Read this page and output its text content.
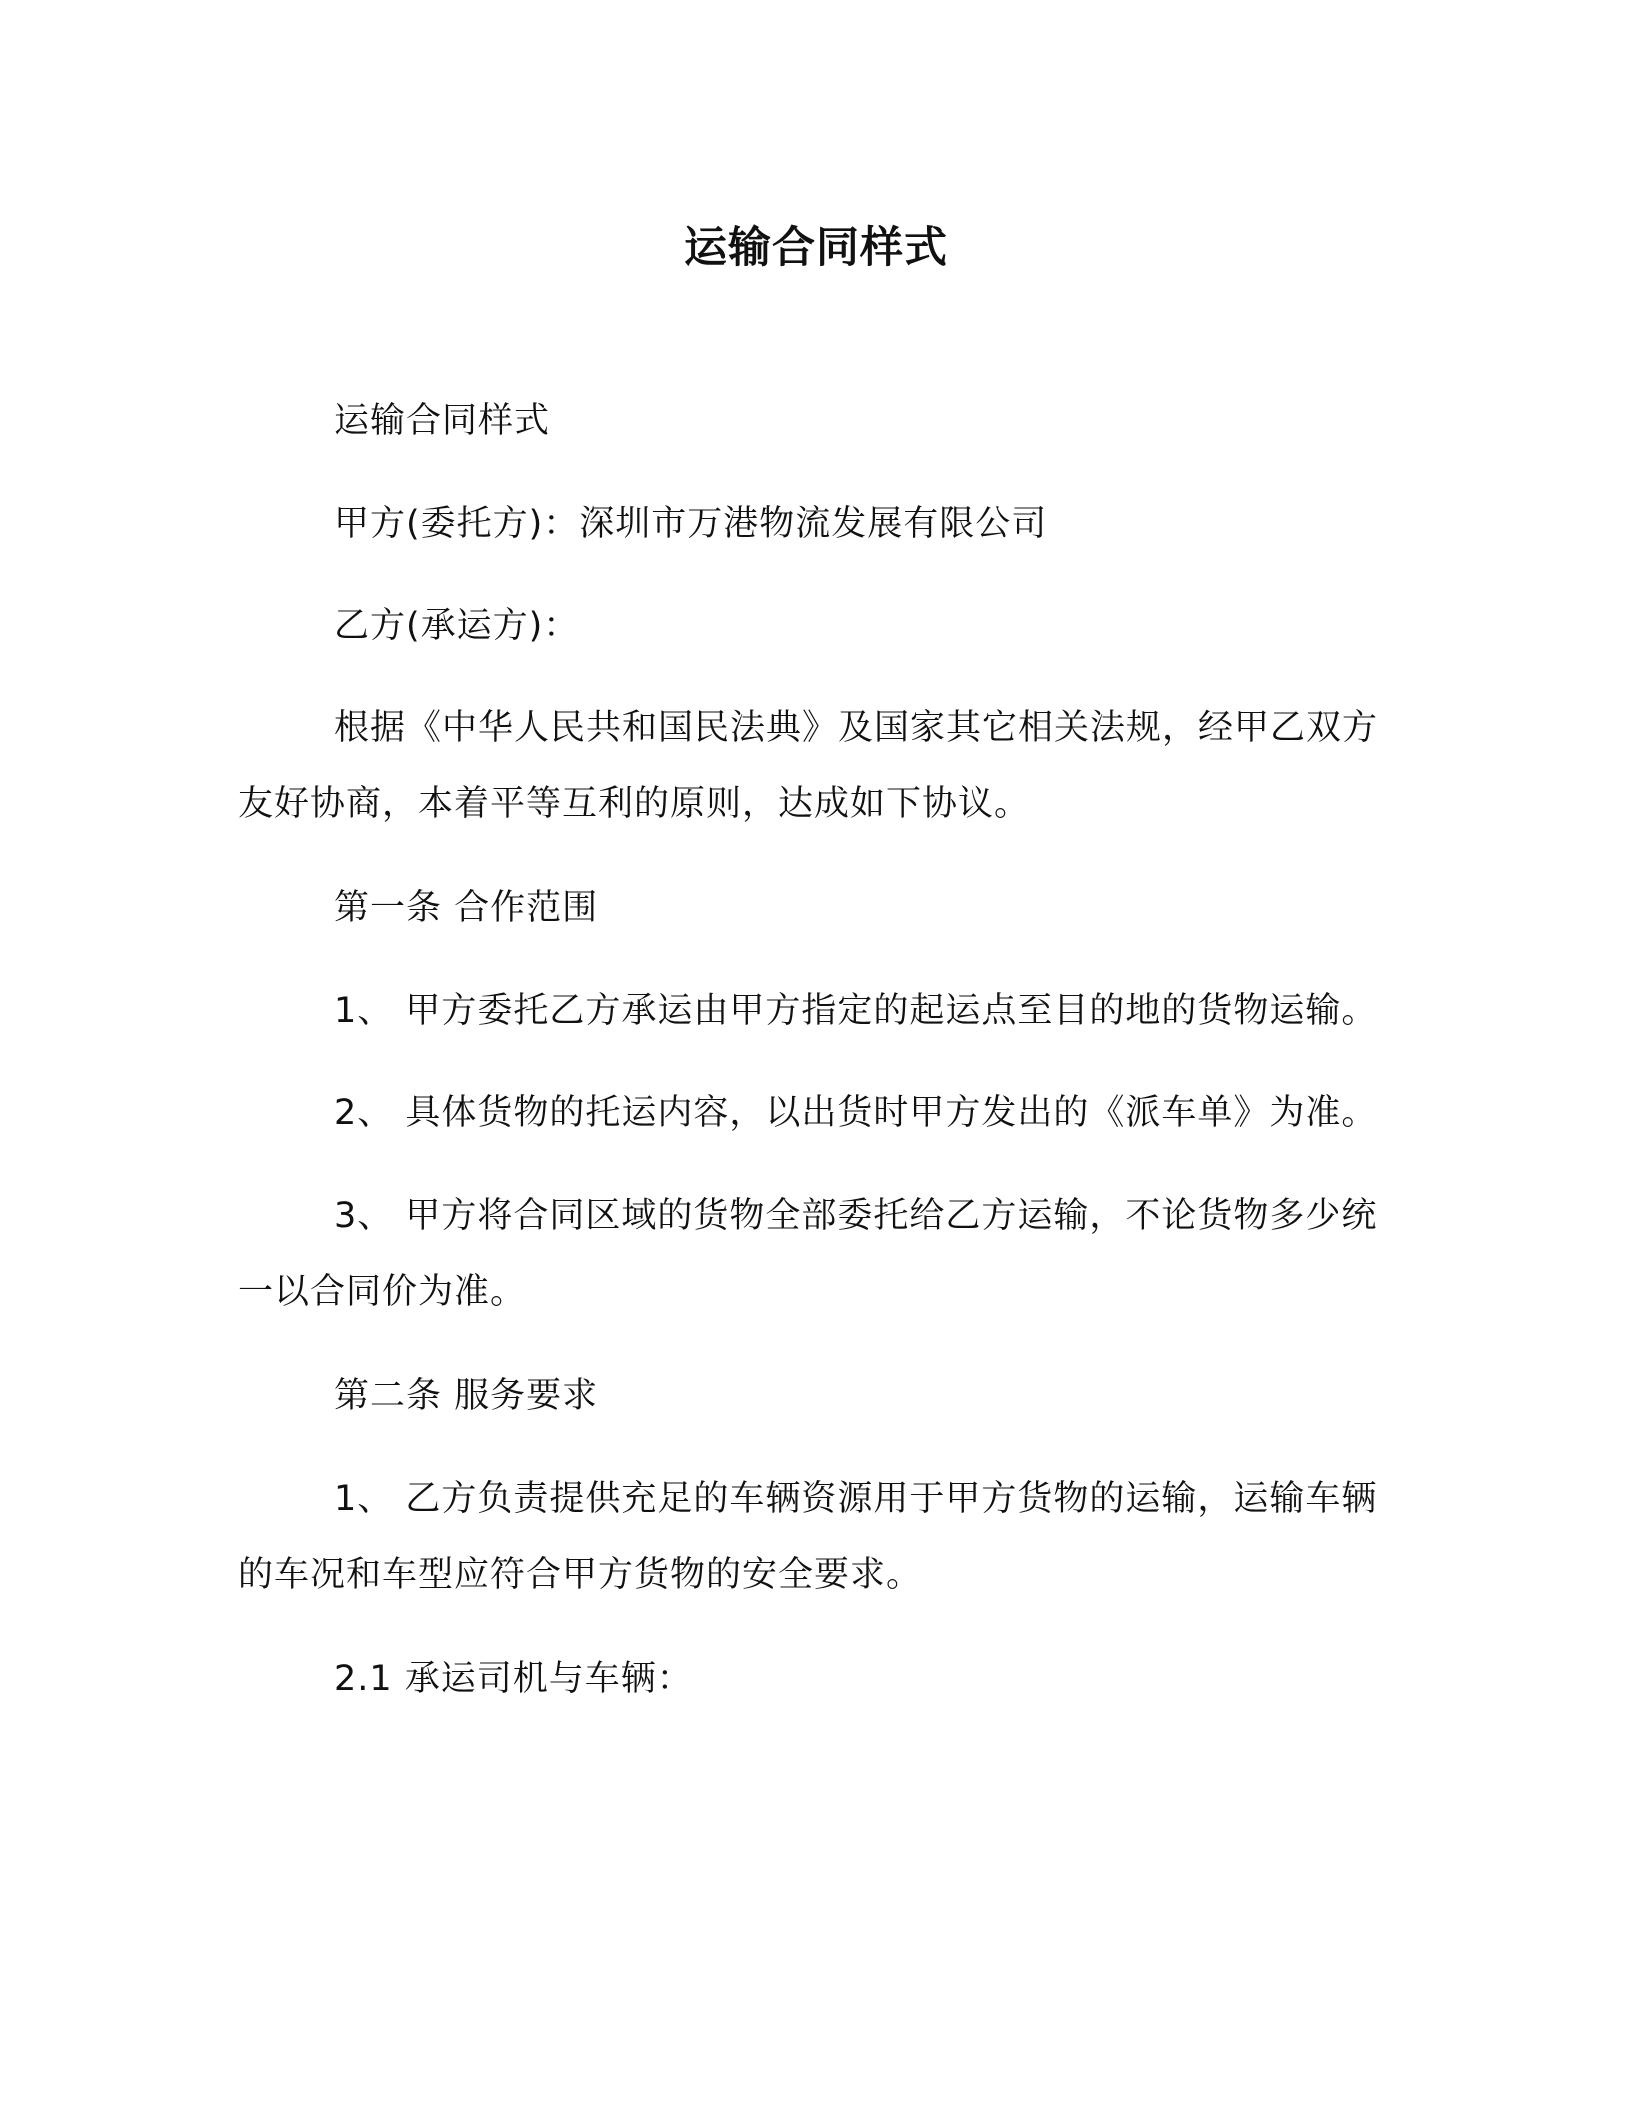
运输合同样式
运输合同样式
甲方(委托方)：深圳市万港物流发展有限公司
乙方(承运方)：
根据《中华人民共和国民法典》及国家其它相关法规，经甲乙双方友好协商，本着平等互利的原则，达成如下协议。
第一条 合作范围
1、 甲方委托乙方承运由甲方指定的起运点至目的地的货物运输。
2、 具体货物的托运内容，以出货时甲方发出的《派车单》为准。
3、 甲方将合同区域的货物全部委托给乙方运输，不论货物多少统一以合同价为准。
第二条 服务要求
1、 乙方负责提供充足的车辆资源用于甲方货物的运输，运输车辆的车况和车型应符合甲方货物的安全要求。
2.1 承运司机与车辆：
